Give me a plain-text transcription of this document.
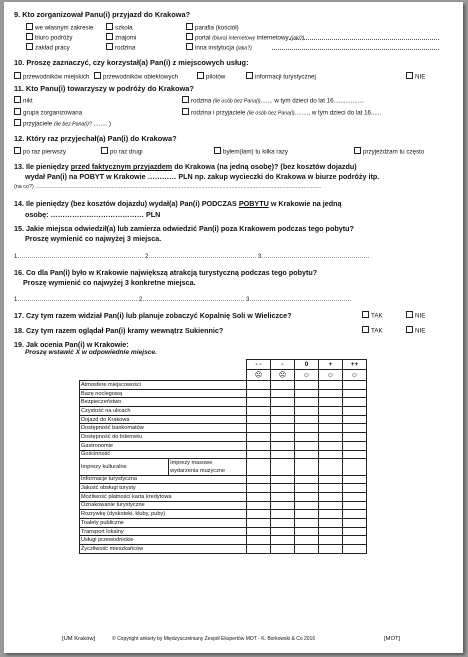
9. Kto zorganizował Panu(i) przyjazd do Krakowa?
we własnym zakresie	szkoła	parafia (kościół)
biuro podróży	znajomi	portal (biuro) internetowy internetowy (jaki?)
zakład pracy	rodzina	inna instytucja (jaka?)
10. Proszę zaznaczyć, czy korzystał(a) Pan(i) z miejscowych usług:
przewodników miejskich	przewodników obiektowych	pilotów	informacji turystycznej	NIE
11. Kto Panu(i) towarzyszy w podróży do Krakowa?
nikt	rodzina (ile osób bez Pana(i)....... w tym dzieci do lat 16..................
grupa zorganizowana	rodzina i przyjaciele (ile osób bez Pana(i)........, w tym dzieci do lat 16......
przyjaciele (ile bez Pana(i)? ........ )
12. Który raz przyjechał(a) Pan(i) do Krakowa?
po raz pierwszy	po raz drugi	byłem(łam) tu kilka razy	przyjeżdżam tu często
13. Ile pieniędzy przed faktycznym przyjazdem do Krakowa (na jedną osobę)? (bez kosztów dojazdu)
wydał Pan(i) na POBYT w Krakowie ………… PLN np. zakup wycieczki do Krakowa w biurze podróży itp.
(na co?) ...............................................................................................................................................................................................
14. Ile pieniędzy (bez kosztów dojazdu) wydał(a) Pan(i) PODCZAS POBYTU w Krakowie na jedną
osobę: ………………………………… PLN
15. Jakie miejsca odwiedził(a) lub zamierza odwiedzić Pan(i) poza Krakowem podczas tego pobytu?
Proszę wymienić co najwyżej 3 miejsca.
1……………………………………………………… 2……………………………………………… 3………………………………………………
16. Co dla Pan(i) było w Krakowie największą atrakcją turystyczną podczas tego pobytu?
Proszę wymienić co najwyżej 3 konkretne miejsca.
1…………………………………………………… 2…………………………………………… 3……………………………………………
17. Czy tym razem widział Pan(i) lub planuje zobaczyć Kopalnię Soli w Wieliczce?	TAK	NIE
18. Czy tym razem oglądał Pan(i) kramy wewnątrz Sukiennic?	TAK	NIE
19. Jak ocenia Pan(i) w Krakowie:
Proszę wstawić X w odpowiednie miejsce.
		- -	-	0	+	++
		☹	☹	☺	☺	☺
Atmosfere miejscowości						
Bazę noclegową						
Bezpieczeństwo						
Czystość na ulicach						
Dojazd do Krakowa						
Dostępność bankomatów						
Dostępność do Internetu						
Gastronomie						
Gościnność						
Imprezy kulturalne	Imprezy masowe					
	wydarzenia muzyczne					
Informacje turystyczna						
Jakość obsługi turysty						
Możliwość płatności karta kredytowa						
Oznakowanie turystyczne						
Rozrywkę (dyskoteki, kluby, puby)						
Toalety publiczne						
Transport lokalny						
Usługi przewodnickie						
Życzliwość mieszkańców						
[UM Kraków]	© Copyright ankiety by Międzyuczelniany Zespół Ekspertów MOT - K. Borkowski & Co 2016	[MOT]
